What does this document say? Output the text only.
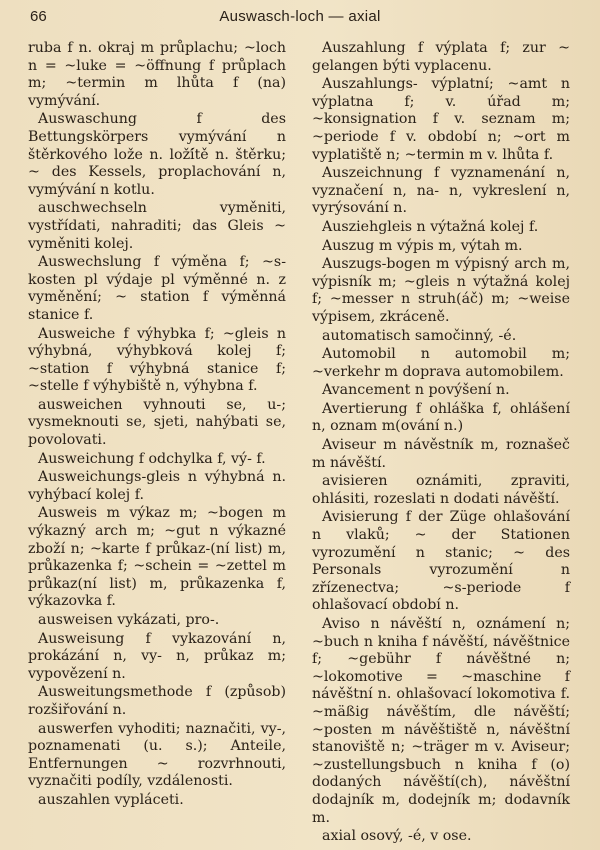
66	Auswasch-loch — axial

ruba f n. okraj m průplachu; ~loch n = ~luke = ~öffnung f průplach m; ~termin m lhůta f (na) vymývání.

Auswaschung f des Bettungskörpers vymývání n štěrkového lože n. loží́tě n. štěrku; ~ des Kessels, proplachování n, vymývání n kotlu.

auschwechseln vyměniti, vystřídati, nahraditi; das Gleis ~ vyměniti kolej.

Auswechslung f výměna f; ~s-kosten pl výdaje pl výměnné n. z vyměnění; ~ station f výměnná stanice f.

Ausweiche f výhybka f; ~gleis n výhybná, výhybková kolej f; ~station f výhybná stanice f; ~stelle f výhybiště n, výhybna f.

ausweichen vyhnouti se, u-; vysmeknouti se, sjeti, nahýbati se, povolovati.

Ausweichung f odchylka f, vý- f.

Ausweichungs-gleis n výhybná n. vyhýbací kolej f.

Ausweis m výkaz m; ~bogen m výkazný arch m; ~gut n výkazné zboží n; ~karte f průkaz-(ní list) m, průkazenka f; ~schein = ~zettel m průkaz(ní list) m, průkazenka f, výkazovka f.

ausweisen vykázati, pro-.

Ausweisung f vykazování n, prokázání n, vy- n, průkaz m; vypovězení n.

Ausweitungsmethode f (způsob) rozšiřování n.

auswerfen vyhoditi; naznačiti, vy-, poznamenati (u. s.); Anteile, Entfernungen ~ rozvrhnouti, vyznačiti podíly, vzdálenosti.

auszahlen vypláceti.

Auszahlung f výplata f; zur ~ gelangen býti vyplacenu.

Auszahlungs- výplatní; ~amt n výplatna f; v. úřad m; ~konsignation f v. seznam m; ~periode f v. období n; ~ort m vyplatiště n; ~termin m v. lhůta f.

Auszeichnung f vyznamenání n, vyznačení n, na- n, vykreslení n, vyrýsování n.

Ausziehgleis n výtažná kolej f.

Auszug m výpis m, výtah m.

Auszugs-bogen m výpisný arch m, výpisník m; ~gleis n výtažná kolej f; ~messer n struh(áč) m; ~weise výpisem, zkráceně.

automatisch samočinný, -é.

Automobil n automobil m; ~verkehr m doprava automobilem.

Avancement n povýšení n.

Avertierung f ohláška f, ohlášení n, oznam m(ování n.)

Aviseur m návěstník m, roznašeč m návěští.

avisieren oznámiti, zpraviti, ohlásiti, rozeslati n dodati návěští.

Avisierung f der Züge ohlašování n vlaků; ~ der Stationen vyrozumění n stanic; ~ des Personals vyrozumění n zřízenectva; ~s-periode f ohlašovací období n.

Aviso n návěští n, oznámení n; ~buch n kniha f návěští, návěštnice f; ~gebühr f návěštné n; ~lokomotive = ~maschine f návěštní n. ohlašovací lokomotiva f. ~mäßig návěštím, dle návěští; ~posten m návěštiště n, návěštní stanoviště n; ~träger m v. Aviseur; ~zustellungsbuch n kniha f (o) dodaných návěští(ch), návěštní dodajník m, dodejník m; dodavník m.

axial osový, -é, v ose.
